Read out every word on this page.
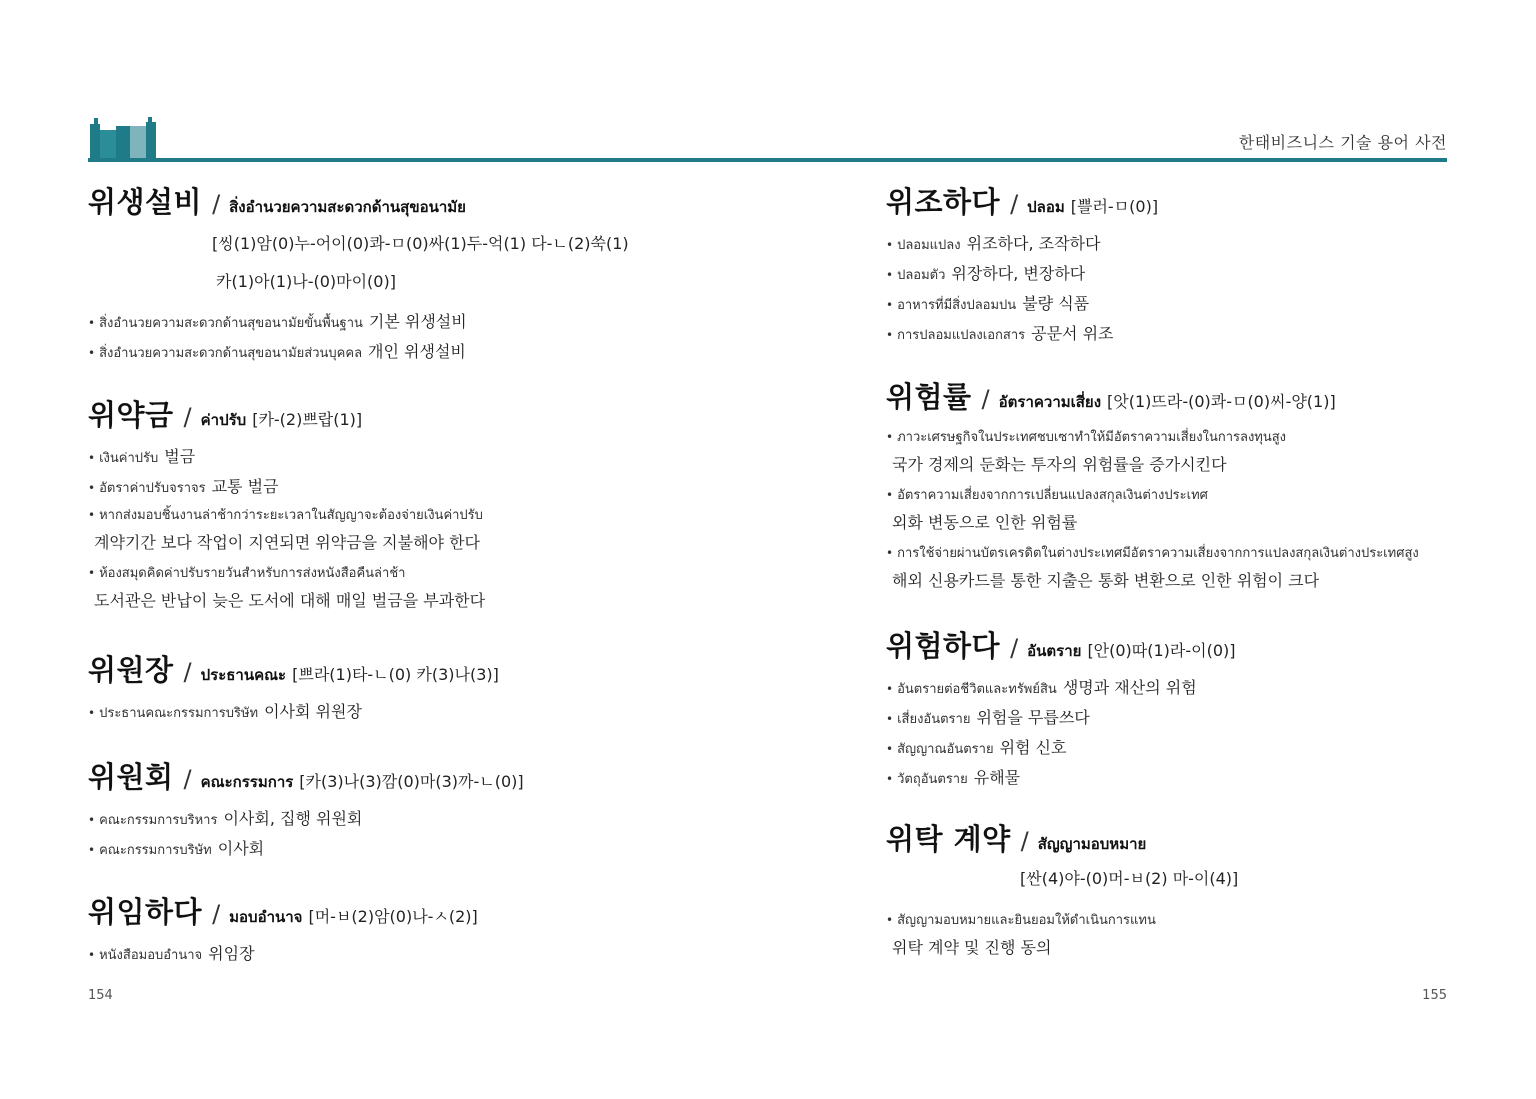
한태비즈니스 기술 용어 사전
위생설비 / สิ่งอำนวยความสะดวกด้านสุขอนามัย
[씽(1)암(0)누-어이(0)콰-ㅁ(0)싸(1)두-억(1) 다-ㄴ(2)쑥(1)
카(1)아(1)나-(0)마이(0)]
• สิ่งอำนวยความสะดวกด้านสุขอนามัยขั้นพื้นฐาน 기본 위생설비
• สิ่งอำนวยความสะดวกด้านสุขอนามัยส่วนบุคคล 개인 위생설비
위약금 / ค่าปรับ [카-(2)쁘랍(1)]
• เงินค่าปรับ 벌금
• อัตราค่าปรับจราจร 교통 벌금
• หากส่งมอบชิ้นงานล่าช้ากว่าระยะเวลาในสัญญาจะต้องจ่ายเงินค่าปรับ
계약기간 보다 작업이 지연되면 위약금을 지불해야 한다
• ห้องสมุดคิดค่าปรับรายวันสำหรับการส่งหนังสือคืนล่าช้า
도서관은 반납이 늦은 도서에 대해 매일 벌금을 부과한다
위원장 / ประธานคณะ [쁘라(1)타-ㄴ(0) 카(3)나(3)]
• ประธานคณะกรรมการบริษัท 이사회 위원장
위원회 / คณะกรรมการ [카(3)나(3)깜(0)마(3)까-ㄴ(0)]
• คณะกรรมการบริหาร 이사회, 집행 위원회
• คณะกรรมการบริษัท 이사회
위임하다 / มอบอำนาจ [머-ㅂ(2)암(0)나-ㅅ(2)]
• หนังสือมอบอำนาจ 위임장
위조하다 / ปลอม [쁠러-ㅁ(0)]
• ปลอมแปลง 위조하다, 조작하다
• ปลอมตัว 위장하다, 변장하다
• อาหารที่มีสิ่งปลอมปน 불량 식품
• การปลอมแปลงเอกสาร 공문서 위조
위험률 / อัตราความเสี่ยง [앗(1)뜨라-(0)콰-ㅁ(0)씨-양(1)]
• ภาวะเศรษฐกิจในประเทศชบเซาทำให้มีอัตราความเสี่ยงในการลงทุนสูง
국가 경제의 둔화는 투자의 위험률을 증가시킨다
• อัตราความเสี่ยงจากการเปลี่ยนแปลงสกุลเงินต่างประเทศ
외화 변동으로 인한 위험률
• การใช้จ่ายผ่านบัตรเครดิตในต่างประเทศมีอัตราความเสี่ยงจากการแปลงสกุลเงินต่างประเทศสูง
해외 신용카드를 통한 지출은 통화 변환으로 인한 위험이 크다
위험하다 / อันตราย [안(0)따(1)라-이(0)]
• อันตรายต่อชีวิตและทรัพย์สิน 생명과 재산의 위험
• เสี่ยงอันตราย 위험을 무릅쓰다
• สัญญาณอันตราย 위험 신호
• วัตถุอันตราย 유해물
위탁 계약 / สัญญามอบหมาย
[싼(4)야-(0)머-ㅂ(2) 마-이(4)]
• สัญญามอบหมายและยินยอมให้ดำเนินการแทน
위탁 계약 및 진행 동의
154	155
